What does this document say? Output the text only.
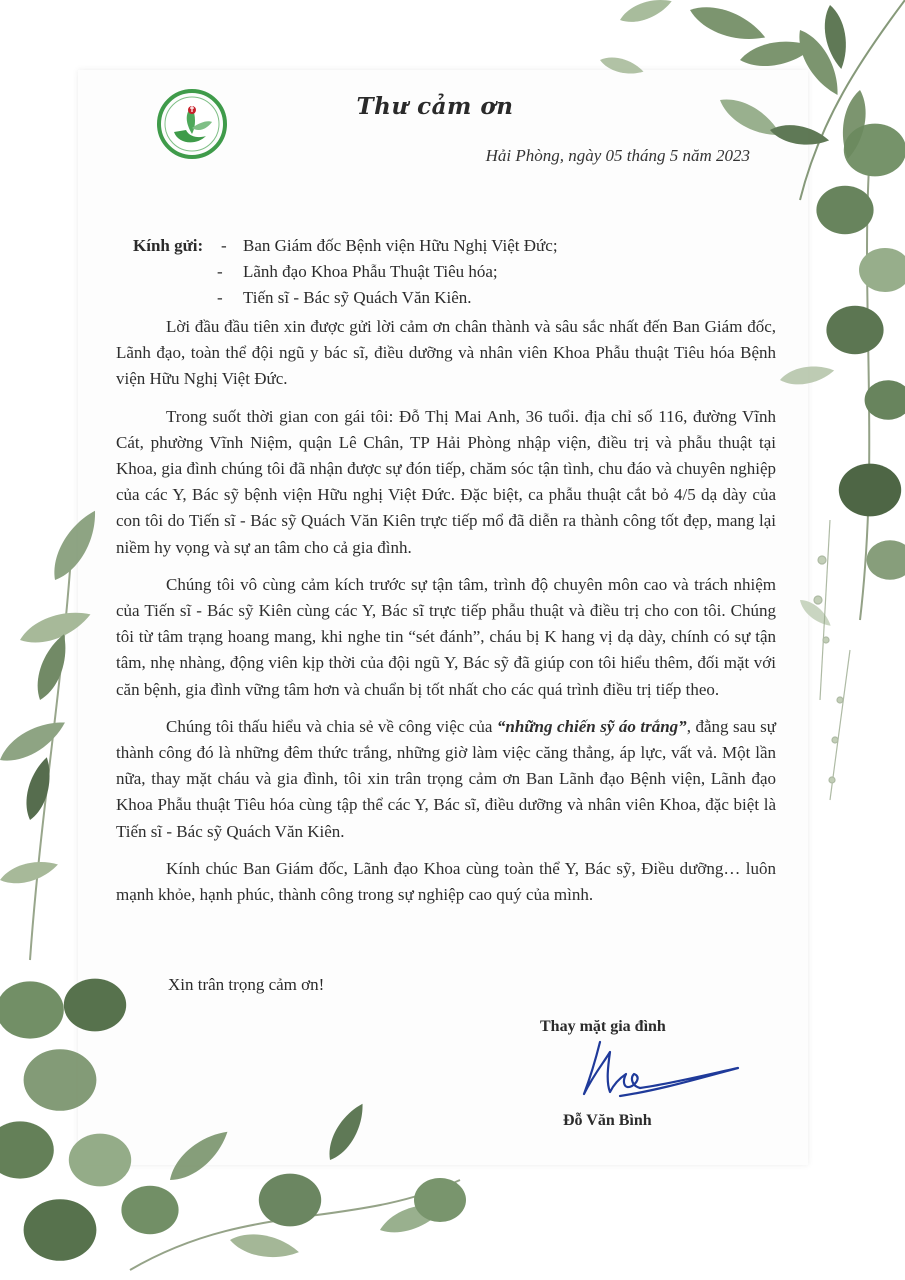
Thư cảm ơn
Hải Phòng, ngày 05 tháng 5 năm 2023
Kính gửi: - Ban Giám đốc Bệnh viện Hữu Nghị Việt Đức;
- Lãnh đạo Khoa Phẫu Thuật Tiêu hóa;
- Tiến sĩ - Bác sỹ Quách Văn Kiên.

Lời đầu đầu tiên xin được gửi lời cảm ơn chân thành và sâu sắc nhất đến Ban Giám đốc, Lãnh đạo, toàn thể đội ngũ y bác sĩ, điều dưỡng và nhân viên Khoa Phẫu thuật Tiêu hóa Bệnh viện Hữu Nghị Việt Đức.

Trong suốt thời gian con gái tôi: Đỗ Thị Mai Anh, 36 tuổi. địa chỉ số 116, đường Vĩnh Cát, phường Vĩnh Niệm, quận Lê Chân, TP Hải Phòng nhập viện, điều trị và phẫu thuật tại Khoa, gia đình chúng tôi đã nhận được sự đón tiếp, chăm sóc tận tình, chu đáo và chuyên nghiệp của các Y, Bác sỹ bệnh viện Hữu nghị Việt Đức. Đặc biệt, ca phẫu thuật cắt bỏ 4/5 dạ dày của con tôi do Tiến sĩ - Bác sỹ Quách Văn Kiên trực tiếp mổ đã diễn ra thành công tốt đẹp, mang lại niềm hy vọng và sự an tâm cho cả gia đình.

Chúng tôi vô cùng cảm kích trước sự tận tâm, trình độ chuyên môn cao và trách nhiệm của Tiến sĩ - Bác sỹ Kiên cùng các Y, Bác sĩ trực tiếp phẫu thuật và điều trị cho con tôi. Chúng tôi từ tâm trạng hoang mang, khi nghe tin “sét đánh”, cháu bị K hang vị dạ dày, chính có sự tận tâm, nhẹ nhàng, động viên kịp thời của đội ngũ Y, Bác sỹ đã giúp con tôi hiểu thêm, đối mặt với căn bệnh, gia đình vững tâm hơn và chuẩn bị tốt nhất cho các quá trình điều trị tiếp theo.

Chúng tôi thấu hiểu và chia sẻ về công việc của “những chiến sỹ áo trắng”, đằng sau sự thành công đó là những đêm thức trắng, những giờ làm việc căng thẳng, áp lực, vất vả. Một lần nữa, thay mặt cháu và gia đình, tôi xin trân trọng cảm ơn Ban Lãnh đạo Bệnh viện, Lãnh đạo Khoa Phẫu thuật Tiêu hóa cùng tập thể các Y, Bác sĩ, điều dưỡng và nhân viên Khoa, đặc biệt là Tiến sĩ - Bác sỹ Quách Văn Kiên.

Kính chúc Ban Giám đốc, Lãnh đạo Khoa cùng toàn thể Y, Bác sỹ, Điều dưỡng… luôn mạnh khỏe, hạnh phúc, thành công trong sự nghiệp cao quý của mình.

Xin trân trọng cảm ơn!
Thay mặt gia đình
Đỗ Văn Bình
